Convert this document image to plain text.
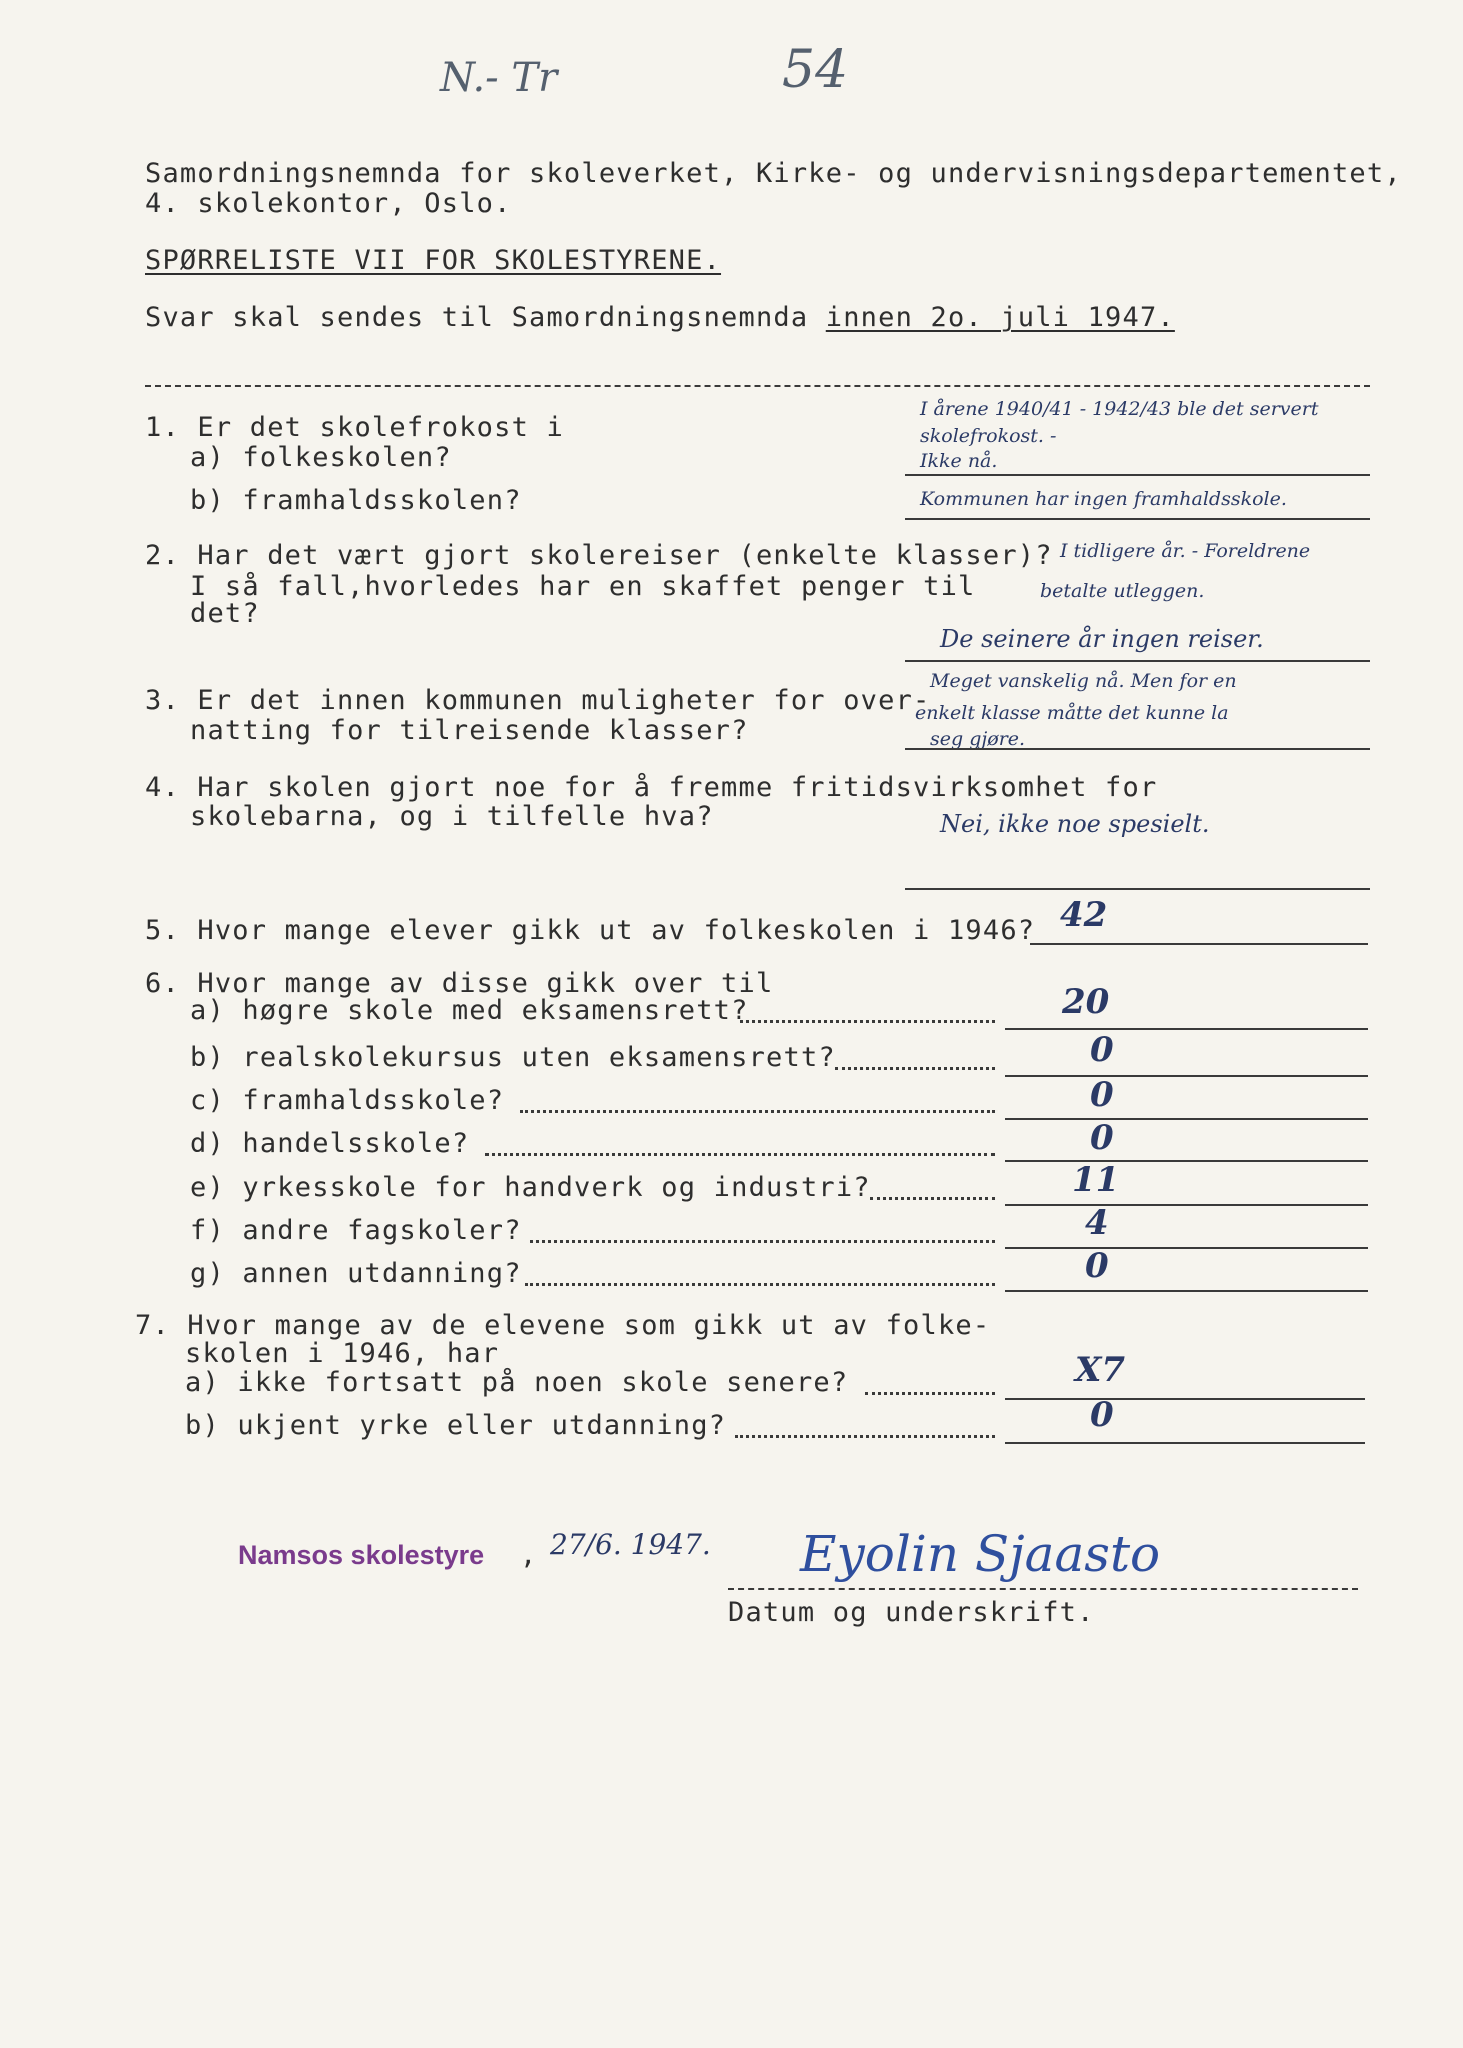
N.- Tr	54
Samordningsnemnda for skoleverket, Kirke- og undervisningsdepartementet,
4. skolekontor, Oslo.
SPØRRELISTE VII FOR SKOLESTYRENE.
Svar skal sendes til Samordningsnemnda innen 2o. juli 1947.
1. Er det skolefrokost i
a) folkeskolen?
b) framhaldsskolen?
I årene 1940/41 - 1942/43 ble det servert
skolefrokost. -
Ikke nå.
Kommunen har ingen framhaldsskole.
2. Har det vært gjort skolereiser (enkelte klasser)?
I så fall,hvorledes har en skaffet penger til
det?
I tidligere år. - Foreldrene
betalte utleggen.
De seinere år ingen reiser.
3. Er det innen kommunen muligheter for over-
natting for tilreisende klasser?
Meget vanskelig nå. Men for en
enkelt klasse måtte det kunne la
seg gjøre.
4. Har skolen gjort noe for å fremme fritidsvirksomhet for
skolebarna, og i tilfelle hva?	Nei, ikke noe spesielt.
5. Hvor mange elever gikk ut av folkeskolen i 1946? 42
6. Hvor mange av disse gikk over til
a) høgre skole med eksamensrett?	20
b) realskolekursus uten eksamensrett?	0
c) framhaldsskole?	0
d) handelsskole?	0
e) yrkesskole for handverk og industri?	11
f) andre fagskoler?	4
g) annen utdanning?	0
7. Hvor mange av de elevene som gikk ut av folke-
skolen i 1946, har
a) ikke fortsatt på noen skole senere?	X7
b) ukjent yrke eller utdanning?	0
Namsos skolestyre , 27/6. 1947. Eyolin Sjaasto
Datum og underskrift.
